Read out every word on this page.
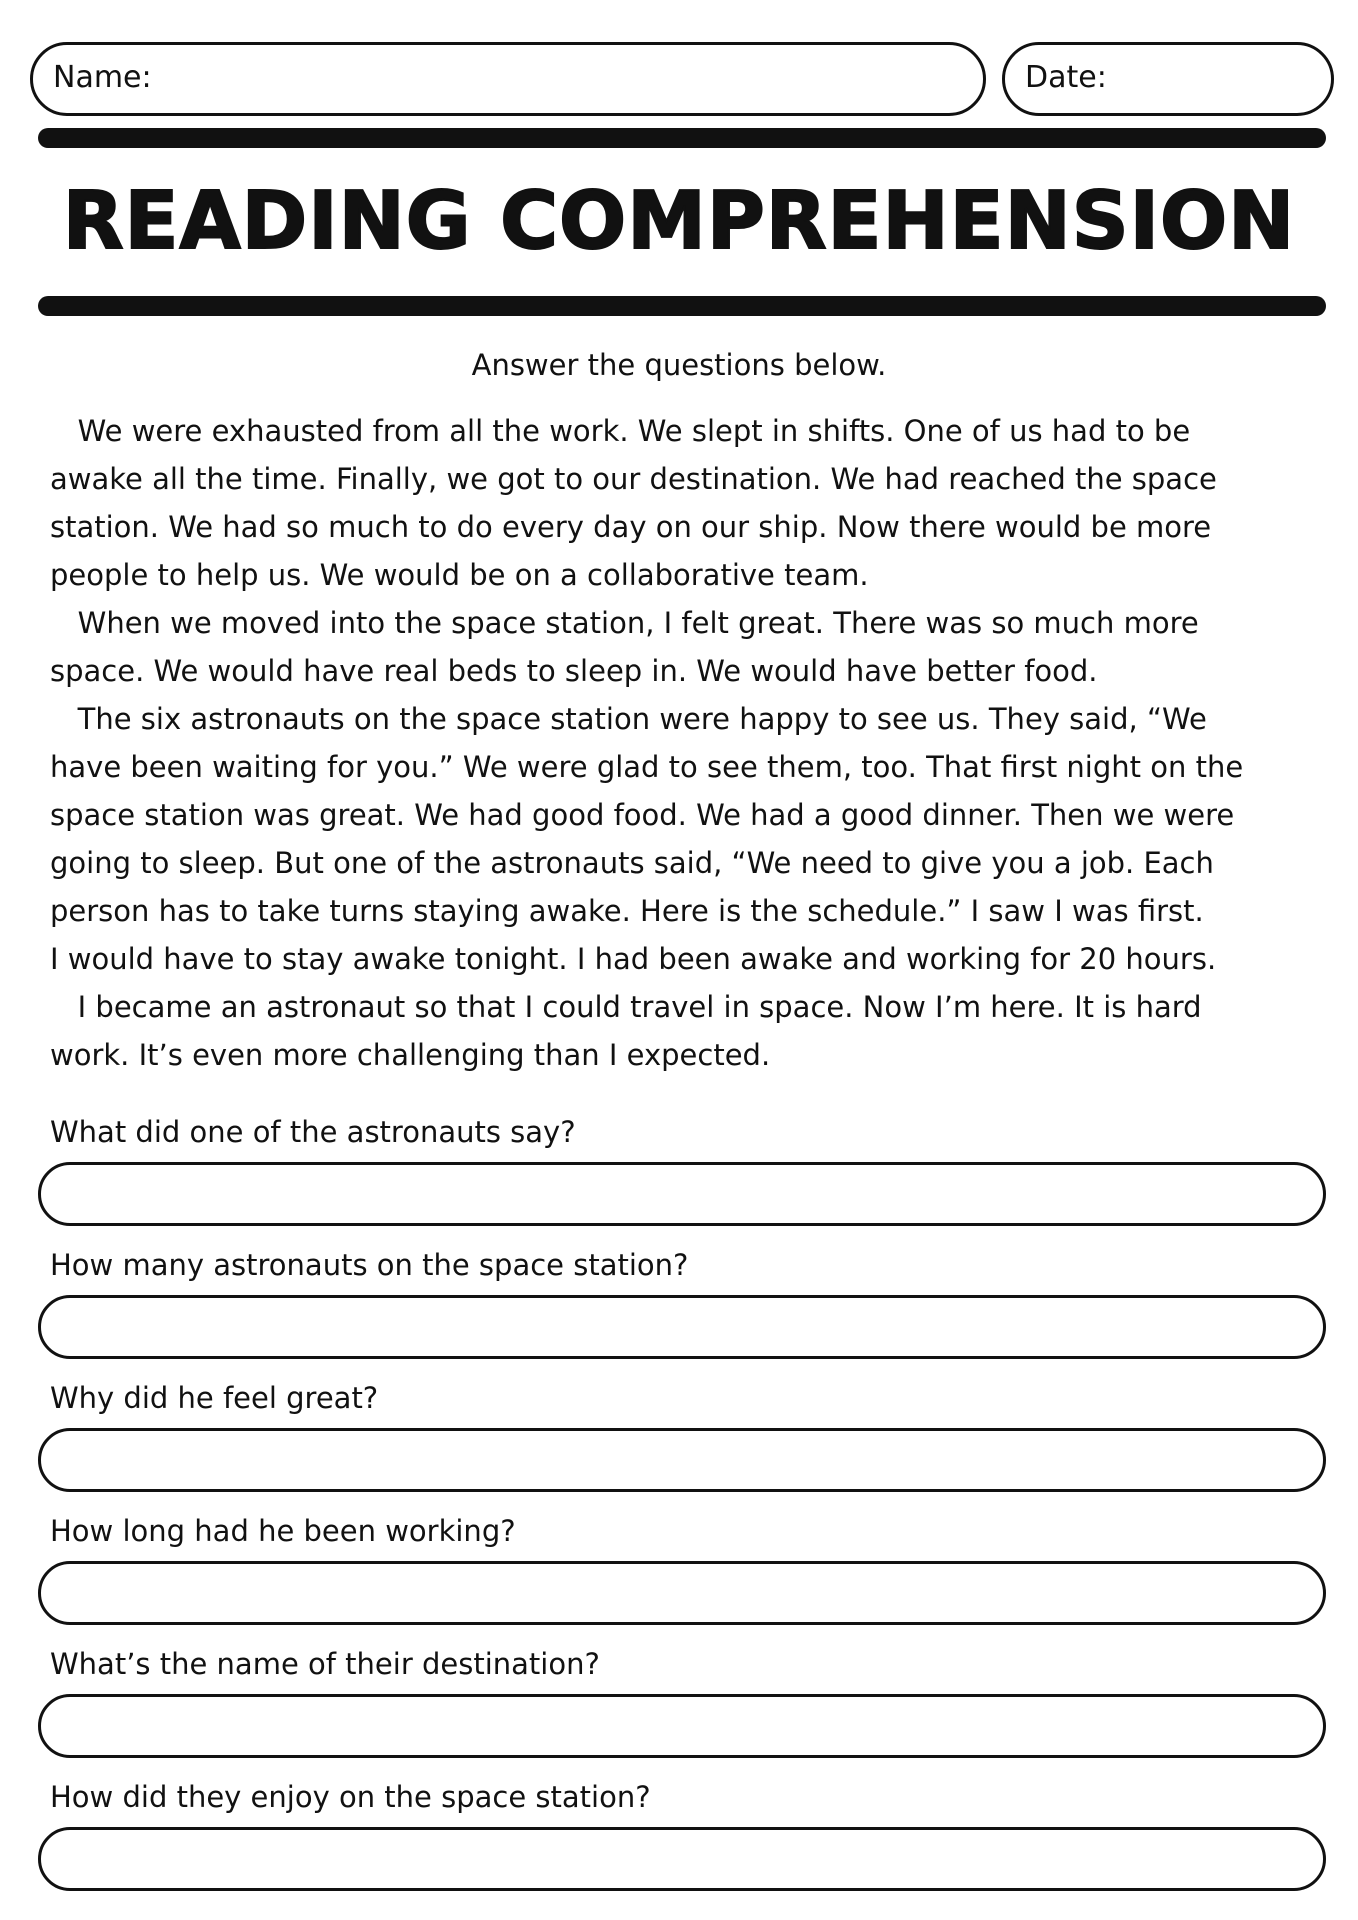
Name:	Date:
READING COMPREHENSION
Answer the questions below.
We were exhausted from all the work. We slept in shifts. One of us had to be
awake all the time. Finally, we got to our destination. We had reached the space
station. We had so much to do every day on our ship. Now there would be more
people to help us. We would be on a collaborative team.
When we moved into the space station, I felt great. There was so much more
space. We would have real beds to sleep in. We would have better food.
The six astronauts on the space station were happy to see us. They said, “We
have been waiting for you.” We were glad to see them, too. That first night on the
space station was great. We had good food. We had a good dinner. Then we were
going to sleep. But one of the astronauts said, “We need to give you a job. Each
person has to take turns staying awake. Here is the schedule.” I saw I was first.
I would have to stay awake tonight. I had been awake and working for 20 hours.
I became an astronaut so that I could travel in space. Now I’m here. It is hard
work. It’s even more challenging than I expected.
What did one of the astronauts say?
How many astronauts on the space station?
Why did he feel great?
How long had he been working?
What’s the name of their destination?
How did they enjoy on the space station?
